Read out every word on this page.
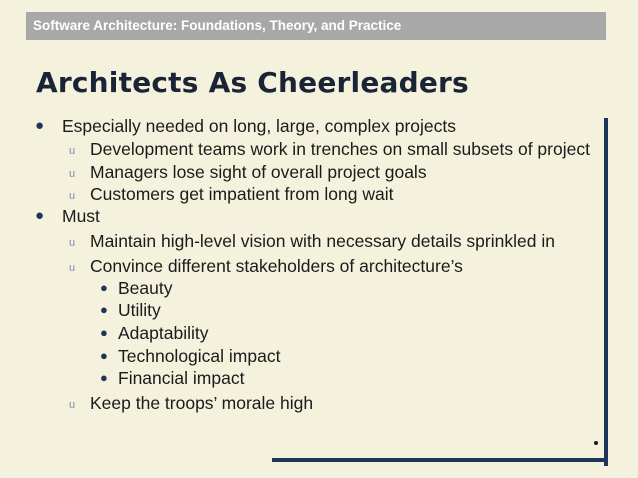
Software Architecture: Foundations, Theory, and Practice
Architects As Cheerleaders
● Especially needed on long, large, complex projects
u Development teams work in trenches on small subsets of project
u Managers lose sight of overall project goals
u Customers get impatient from long wait
● Must
u Maintain high-level vision with necessary details sprinkled in
u Convince different stakeholders of architecture’s
● Beauty
● Utility
● Adaptability
● Technological impact
● Financial impact
u Keep the troops’ morale high
